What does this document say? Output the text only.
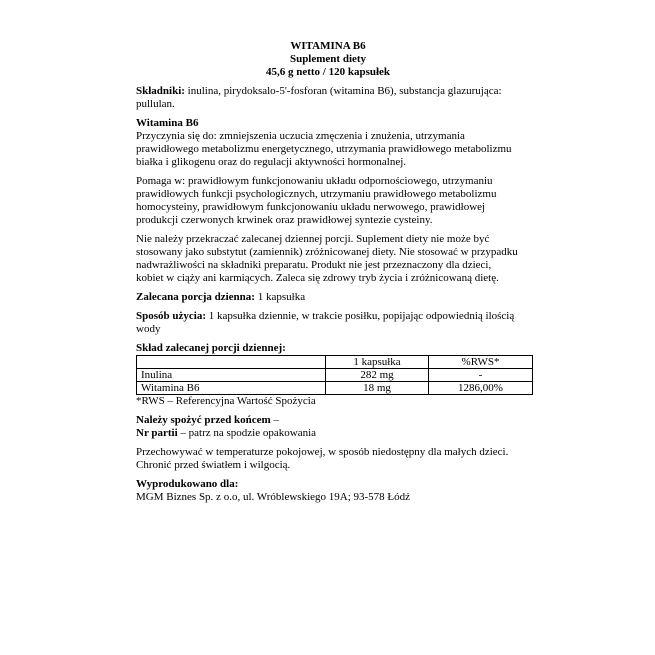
WITAMINA B6
Suplement diety
45,6 g netto / 120 kapsułek

Składniki: inulina, pirydoksalo-5'-fosforan (witamina B6), substancja glazurująca: pullulan.

Witamina B6

Przyczynia się do: zmniejszenia uczucia zmęczenia i znużenia, utrzymania prawidłowego metabolizmu energetycznego, utrzymania prawidłowego metabolizmu białka i glikogenu oraz do regulacji aktywności hormonalnej.

Pomaga w: prawidłowym funkcjonowaniu układu odpornościowego, utrzymaniu prawidłowych funkcji psychologicznych, utrzymaniu prawidłowego metabolizmu homocysteiny, prawidłowym funkcjonowaniu układu nerwowego, prawidłowej produkcji czerwonych krwinek oraz prawidłowej syntezie cysteiny.

Nie należy przekraczać zalecanej dziennej porcji. Suplement diety nie może być stosowany jako substytut (zamiennik) zróżnicowanej diety. Nie stosować w przypadku nadwrażliwości na składniki preparatu. Produkt nie jest przeznaczony dla dzieci, kobiet w ciąży ani karmiących. Zaleca się zdrowy tryb życia i zróżnicowaną dietę.

Zalecana porcja dzienna: 1 kapsułka

Sposób użycia: 1 kapsułka dziennie, w trakcie posiłku, popijając odpowiednią ilością wody

Skład zalecanej porcji dziennej:

	1 kapsułka	%RWS*
Inulina	282 mg	-
Witamina B6	18 mg	1286,00%

*RWS – Referencyjna Wartość Spożycia

Należy spożyć przed końcem –

Nr partii – patrz na spodzie opakowania

Przechowywać w temperaturze pokojowej, w sposób niedostępny dla małych dzieci. Chronić przed światłem i wilgocią.

Wyprodukowano dla:

MGM Biznes Sp. z o.o, ul. Wróblewskiego 19A; 93-578 Łódź
